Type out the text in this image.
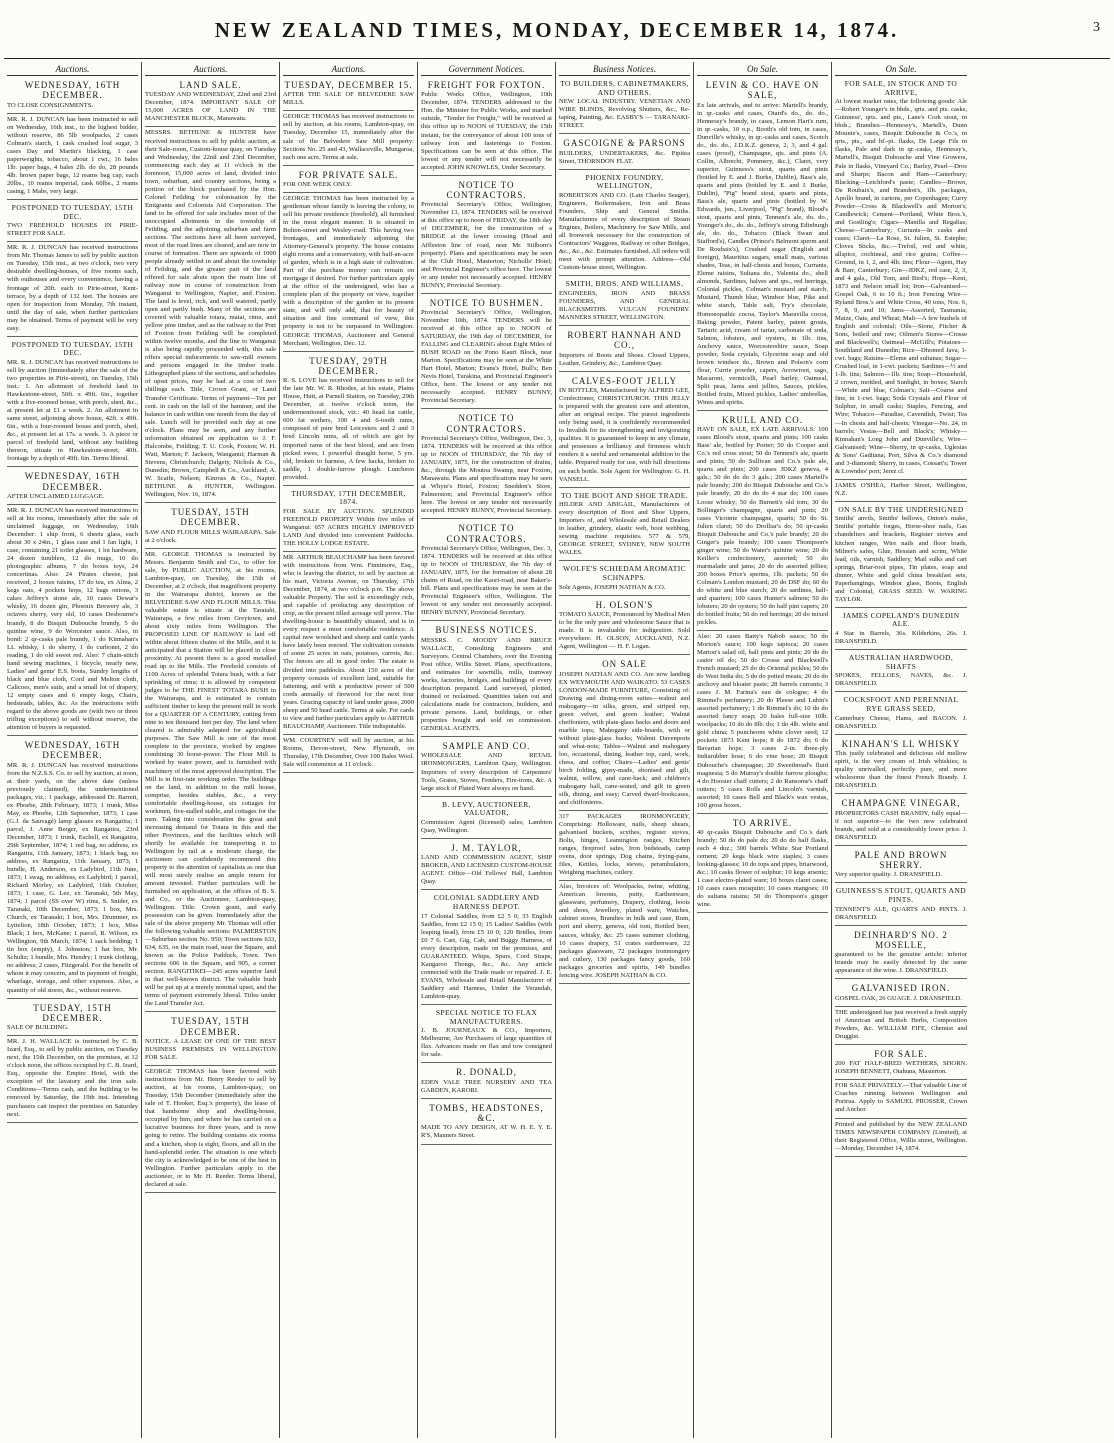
NEW ZEALAND TIMES, MONDAY, DECEMBER 14, 1874.	3
Auctions.
WEDNESDAY, 16TH DECEMBER.

TO CLOSE CONSIGNMENTS.

MR. R. J. DUNCAN has been instructed to sell on Wednesday, 16th inst., to the highest bidder, without reserve, 86 5lb woolpacks, 2 cases Colman's starch, 1 cask crushed loaf sugar, 3 cases Day and Martin's blacking, 1 case paperweights, tobacco, about 1 cwt., 16 bales 1lb. paper bags, 4 bales 2lb. do do, 28 pounds 4lb. brown paper bags, 12 reams bag cap, each 20lbs., 10 reams imperial, cask 60lbs., 2 reams casing, 1 Mabs, very large.

POSTPONED TO TUESDAY, 15TH DEC.

TWO FREEHOLD HOUSES IN PIRIE-STREET FOR SALE.

MR. R. J. DUNCAN has received instructions from Mr. Thomas James to sell by public auction on Tuesday, 15th inst., at two o'clock, two very desirable dwelling-houses, of five rooms each, with outhouses and every convenience, having a frontage of 20ft. each to Pirie-street, Kent-terrace, by a depth of 132 feet. The houses are open for inspection from Monday, 7th instant, until the day of sale, when further particulars may be obtained. Terms of payment will be very easy.

POSTPONED TO TUESDAY, 15TH DEC.

MR. R. J. DUNCAN has received instructions to sell by auction (immediately after the sale of the two properties in Pirie-street), on Tuesday, 15th inst.: 1. An allotment of freehold land in Hawkestone-street, 50ft. x 49ft. 6in., together with a five-roomed house, with porch, shed, &c., at present let at £1 a week. 2. An allotment in same street, adjoining above house, 42ft. x 49ft. 6in., with a four-roomed house and porch, shed, &c., at present let at 17s. a week. 3. A piece or parcel of freehold land, without any building thereon, situate in Hawkestone-street, 40ft. frontage by a depth of 49ft. 6in. Terms liberal.

WEDNESDAY, 16TH DECEMBER.

AFTER UNCLAIMED LUGGAGE.

MR. R. J. DUNCAN has received instructions to sell at his rooms, immediately after the sale of unclaimed luggage, on Wednesday, 16th December: 1 ship front, 6 sheets glass, each about 30 x 24in., 1 glass case and 1 fan light, 1 case, containing 21 toilet glasses, 1 lot hardware, 24 dozen tumblers, 12 do mugs, 10 do photographic albums, 7 do boxes toys, 24 concertinas. Also: 24 Pirates cheese, just received, 2 boxes raisins, 17 do tea, ex Alma, 2 kegs oats, 4 pockets hops, 12 bags onions, 3 cakes Jeffrey's stone ale, 10 cases Dewar's whisky, 16 dozen gin, Phoenix Brewery ale, 3 octaves sherry, very old, 10 cases Desbourne's brandy, 8 do Bisquit Dubouche brandy, 5 do quinine wine, 9 do Worcester sauce. Also, in bond: 2 qr-casks pale brandy, 1 do Kinnahan's LL whisky, 1 do sherry, 1 do curbonet, 2 do reading, 1 do old sweet red. Also: 7 chain-stitch hand sewing machines, 1 bicycle, nearly new, Ladies' and gents' E.S. boots, Sundry lengths of black and blue cloth, Cord and Melton cloth, Calicoes, men's suits, and a small lot of drapery, 12 empty cases and 6 empty kegs, Chairs, bedsteads, tables, &c. As the instructions with regard to the above goods are (with two or three trifling exceptions) to sell without reserve, the attention of buyers is requested.

WEDNESDAY, 16TH DECEMBER.

MR. R. J. DUNCAN has received instructions from the N.Z.S.S. Co. to sell by auction, at noon, at their yards, on the above date (unless previously claimed), the undermentioned packages, viz.: 1 package, addressed Dr. Barrett, ex Phoebe, 28th February, 1873; 1 trunk, Miss May, ex Phoebe, 12th September, 1873; 1 case (G.J. da Sauvagé) lamp glasses ex Rangatira; 1 parcel, J. Anne Berger, ex Rangatira, 23rd December, 1873; 1 trunk, Eschell, ex Rangatira, 29th September, 1874; 1 red bag, no address, ex Rangatira, 11th January, 1873; 1 black bag, no address, ex Rangatira, 11th January, 1873; 1 bundle, H. Anderson, ex Ladybird, 11th June, 1873; 1 swag, no address, ex Ladybird; 1 parcel, Richard Morley, ex Ladybird, 16th October, 1873; 1 case, G. Lee, ex Taranaki, 5th May, 1874; 1 parcel (SS over W) rims, S. Snider, ex Taranaki, 10th December, 1873; 1 box, Mrs. Church, ex Taranaki; 1 box, Mrs. Drummer, ex Lyttelton, 18th October, 1873; 1 box, Miss Black; 1 box, McKane; 1 parcel, R. Wilson, ex Wellington, 9th March, 1874; 1 sack bedding; 1 tin box (empty), J. Johnston; 1 hat box, Mr. Schultz; 1 bundle, Mrs. Hendry; 1 trunk clothing, no address; 2 cases, Fitzgerald. For the benefit of whom it may concern, and in payment of freight, wharfage, storage, and other expenses. Also, a quantity of old stores, &c., without reserve.

TUESDAY, 15TH DECEMBER.

SALE OF BUILDING.

MR. J. H. WALLACE is instructed by C. B. Izard, Esq., to sell by public auction, on Tuesday next, the 15th December, on the premises, at 12 o'clock noon, the offices occupied by C. B. Izard, Esq., opposite the Empire Hotel, with the exception of the lavatory and the iron safe. Conditions—Terms cash, and the building to be removed by Saturday, the 19th inst. Intending purchasers can inspect the premises on Saturday next.

Auctions.
LAND SALE.

TUESDAY AND WEDNESDAY, 22nd and 23rd December, 1874. IMPORTANT SALE OF 15,000 ACRES OF LAND IN THE MANCHESTER BLOCK, Manawatu.

MESSRS. BETHUNE & HUNTER have received instructions to sell by public auction, at their Sale-room, Custom-house quay, on Tuesday and Wednesday, the 22nd and 23rd December, commencing each day at 11 o'clock in the forenoon, 15,000 acres of land, divided into town, suburban, and country sections, being a portion of the block purchased by the Hon. Colonel Feilding for colonisation by the Emigrants and Colonists Aid Corporation. The land to be offered for sale includes most of the unoccupied allotments in the township of Feilding, and the adjoining suburban and farm sections. The sections have all been surveyed, most of the road lines are cleared, and are now in course of formation. There are upwards of 1000 people already settled in and about the township of Feilding, and the greater part of the land offered for sale abuts upon the main line of railway now in course of construction from Wanganui to Wellington, Napier, and Foxton. The land is level, rich, and well watered, partly open and partly bush. Many of the sections are covered with valuable totara, matai, rimu, and yellow pine timber, and as the railway to the Port of Foxton from Feilding will be completed within twelve months, and the line to Wanganui is also being rapidly proceeded with, this sale offers special inducements to saw-mill owners and persons engaged in the timber trade. Lithographed plans of the sections, and schedules of upset prices, may be had at a cost of two shillings each. Title, Crown Grant, or Land Transfer Certificate. Terms of payment—Ten per cent. in cash on the fall of the hammer, and the balance in cash within one month from the day of sale. Lunch will be provided each day at one o'clock. Plans may be seen, and any further information obtained on application to J. F. Halcombe, Feilding; T. U. Cook, Foxton; W. H. Watt, Marton; F. Jackson, Wanganui; Harman & Stevens, Christchurch; Dalgety, Nichols & Co., Dunedin; Brown, Campbell & Co., Auckland; A. W. Scaife, Nelson; Kinross & Co., Napier. BETHUNE & HUNTER, Wellington. Wellington, Nov. 16, 1874.

TUESDAY, 15TH DECEMBER.

SAW AND FLOUR MILLS WAIRARAPA. Sale at 2 o'clock.

MR. GEORGE THOMAS is instructed by Messrs. Benjamin Smith and Co., to offer for sale, by PUBLIC AUCTION, at his rooms, Lambton-quay, on Tuesday, the 15th of December, at 2 o'clock, that magnificent property in the Wairarapa district, known as the BELVEDERE SAW AND FLOUR MILLS. This valuable estate is situate at the Taratahi, Wairarapa, a few miles from Greytown, and about sixty miles from Wellington. The PROPOSED LINE OF RAILWAY is laid off within about fifteen chains of the Mills, and it is anticipated that a Station will be placed in close proximity. At present there is a good metalled road up to the Mills. The Freehold consists of 1100 Acres of splendid Totara bush, with a fair sprinkling of rimu; it is allowed by competent judges to be THE FINEST TOTARA BUSH in the Wairarapa, and is estimated to contain sufficient timber to keep the present mill in work for a QUARTER OF A CENTURY, cutting from nine to ten thousand feet per day. The land when cleared is admirably adapted for agricultural purposes. The Saw Mill is one of the most complete in the province, worked by engines combining 30 horse-power. The Flour Mill is worked by water power, and is furnished with machinery of the most approved description. The Mill is in first-rate working order. The buildings on the land, in addition to the mill house, comprise, besides stables, &c., a very comfortable dwelling-house, six cottages for workmen, five-stalled stable, and cottages for the men. Taking into consideration the great and increasing demand for Totara in this and the other Provinces, and the facilities which will shortly be available for transporting it to Wellington by rail at a moderate charge, the auctioneer can confidently recommend this property to the attention of capitalists as one that will most surely realise an ample return for amount invested. Further particulars will be furnished on application, at the offices of B. S. and Co., or the Auctioneer, Lambton-quay, Wellington. Title: Crown grant, and early possession can be given. Immediately after the sale of the above property Mr. Thomas will offer the following valuable sections: PALMERSTON—Suburban section No. 950; Town sections 633, 634, 635, on the main road, near the Square, and known as the Police Paddock, Town. Two sections 606 in the Square, and 905, a corner section. RANGITIKEI—245 acres superior land in that well-known district. The valuable bush will be put up at a merely nominal upset, and the terms of payment extremely liberal. Titles under the Land Transfer Act.

TUESDAY, 15TH DECEMBER.

NOTICE. A LEASE OF ONE OF THE BEST BUSINESS PREMISES IN WELLINGTON FOR SALE.

GEORGE THOMAS has been favored with instructions from Mr. Henry Reeder to sell by auction, at his rooms, Lambton-quay, on Tuesday, 15th December (immediately after the sale of T. Hooker, Esq.'s property), the lease of that handsome shop and dwelling-house, occupied by him, and where he has carried on a lucrative business for three years, and is now going to retire. The building contains six rooms and a kitchen, shop is eight, floors, and all in the hand-splendid order. The situation is one which the city is acknowledged to be one of the best in Wellington. Further particulars apply to the auctioneer, or to Mr. H. Reeder. Terms liberal, declared at sale.

Auctions.
TUESDAY, DECEMBER 15.

AFTER THE SALE OF BELVEDERE SAW MILLS.

GEORGE THOMAS has received instructions to sell by auction, at his rooms, Lambton-quay, on Tuesday, December 15, immediately after the sale of the Belvedere Saw Mill property: Sections No. 25 and 43, Wallaceville, Mungaroa, each one acre. Terms at sale.

FOR PRIVATE SALE.

FOR ONE WEEK ONLY.

GEORGE THOMAS has been instructed by a gentleman whose family is leaving the colony, to sell his private residence (freehold), all furnished in the most elegant manner. It is situated in Bolton-street and Wesley-road. This having two frontages, and immediately adjoining the Attorney-General's property. The house contains eight rooms and a conservatory, with half-an-acre of garden, which is in a high state of cultivation. Part of the purchase money can remain on mortgage if desired. For further particulars apply at the office of the undersigned, who has a complete plan of the property on view, together with a description of the garden in its present state, and will only add, that for beauty of situation and fine command of view, this property is not to be surpassed in Wellington. GEORGE THOMAS, Auctioneer and General Merchant, Wellington, Dec. 12.

TUESDAY, 29TH DECEMBER.

R. S. LOVE has received instructions to sell for the late Mr. W. R. Rhodes, at his estate, Plains House, Hutt, at Parnell Station, on Tuesday, 29th December, at twelve o'clock noon, the undermentioned stock, viz.: 40 head fat cattle, 600 fat wethers, 100 4 and 6-tooth rams, composed of pure bred Leicesters and 2 and 3 bred Lincoln rams, all of which are got by imported rams of the best blood, and are from picked ewes, 1 powerful draught horse, 5 yrs. old, broken to harness, A few hacks, broken to saddle, 1 double-furrow plough. Luncheon provided.

THURSDAY, 17TH DECEMBER, 1874.

FOR SALE BY AUCTION. SPLENDID FREEHOLD PROPERTY Within five miles of Wanganui. 657 ACRES HIGHLY IMPROVED LAND And divided into convenient Paddocks. THE HOLLY LODGE ESTATE.

MR. ARTHUR BEAUCHAMP has been favored with instructions from Wm. Finnimore, Esq., who is leaving the district, to sell by auction at his mart, Victoria Avenue, on Thursday, 17th December, 1874, at two o'clock p.m. The above valuable Property. The soil is exceedingly rich, and capable of producing any description of crop, as the present tilled acreage will prove. The dwelling-house is beautifully situated, and is in every respect a most comfortable residence. A capital new woolshed and sheep and cattle yards have lately been erected. The cultivation consists of some 25 acres in oats, potatoes, carrots, &c. The fences are all in good order. The estate is divided into paddocks. About 150 acres of the property consists of excellent land, suitable for fattening, and with a productive power of 500 cords annually of firewood for the next four years. Grazing capacity of land under grass, 2000 sheep and 50 head cattle. Terms at sale. For cards to view and further particulars apply to ARTHUR BEAUCHAMP, Auctioneer. Title indisputable.

WM. COURTNEY will sell by auction, at his Rooms, Devon-street, New Plymouth, on Thursday, 17th December, Over 100 Bales Wool. Sale will commence at 11 o'clock.

Government Notices.
FREIGHT FOR FOXTON.

Public Works Office, Wellington, 10th December, 1874. TENDERS addressed to the Hon. the Minister for Public Works, and marked outside, "Tender for Freight," will be received at this office up to NOON of TUESDAY, the 15th instant, for the conveyance of about 100 tons of railway iron and fastenings to Foxton. Specifications can be seen at this office. The lowest or any tender will not necessarily be accepted. JOHN KNOWLES, Under Secretary.

NOTICE TO CONTRACTORS.

Provincial Secretary's Office, Wellington, November 13, 1874. TENDERS will be received at this office up to noon of FRIDAY, the 18th day of DECEMBER, for the construction of a BRIDGE at the lower crossing (Head and Affleston line of road, near Mr. Stilborn's property). Plans and specifications may be seen at the Club Hotel, Masterton; Nicholls' Hotel; and Provincial Engineer's office here. The lowest or any tender not necessarily accepted. HENRY BUNNY, Provincial Secretary.

NOTICE TO BUSHMEN.

Provincial Secretary's Office, Wellington, November 10th, 1874. TENDERS will be received at this office up to NOON of SATURDAY, the 19th day of DECEMBER, for FALLING and CLEARING about Eight Miles of BUSH ROAD on the Pono Kauri Block, near Marton. Specifications may be seen at the White Hart Hotel, Marton; Evans's Hotel, Bull's; Ben Nevis Hotel, Turakina, and Provincial Engineer's Office, here. The lowest or any tender not necessarily accepted. HENRY BUNNY, Provincial Secretary.

NOTICE TO CONTRACTORS.

Provincial Secretary's Office, Wellington, Dec. 3, 1874. TENDERS will be received at this office up to NOON of THURSDAY, the 7th day of JANUARY, 1875, for the construction of drains, &c., through the Moutoa Swamp, near Foxton, Manawatu. Plans and specifications may be seen at Whyte's Hotel, Foxton; Sneddon's Store, Palmerston; and Provincial Engineer's office here. The lowest or any tender not necessarily accepted. HENRY BUNNY, Provincial Secretary.

NOTICE TO CONTRACTORS.

Provincial Secretary's Office, Wellington, Dec. 3, 1874. TENDERS will be received at this office up to NOON of THURSDAY, the 7th day of JANUARY, 1875, for the formation of about 28 chains of Road, on the Kaori-road, near Baker's-hill. Plans and specifications may be seen at the Provincial Engineer's office, Wellington. The lowest or any tender not necessarily accepted. HENRY BUNNY, Provincial Secretary.

BUSINESS NOTICES.

MESSRS. C. MOODY AND BRUCE WALLACE, Consulting Engineers and Surveyors. Central Chambers, over the Evening Post office, Willis Street. Plans, specifications, and estimates for sawmills, mills, tramway works, factories, bridges, and buildings of every description prepared. Land surveyed, plotted, drained or reclaimed. Quantities taken out and calculations made for contractors, builders, and private persons. Land, buildings, or other properties bought and sold on commission. GENERAL AGENTS.

SAMPLE AND CO.

WHOLESALE AND RETAIL IRONMONGERS, Lambton Quay, Wellington. Importers of every description of Carpenters' Tools, Grates, Stoves, Fenders, Fire-irons, &c. A large stock of Plated Ware always on hand.

B. LEVY, AUCTIONEER, VALUATOR,

Commission Agent (licensed) sales; Lambton Quay, Wellington.

J. M. TAYLOR,

LAND AND COMMISSION AGENT, SHIP BROKER, AND LICENSED CUSTOM-HOUSE AGENT. Office—Old Fellows' Hall, Lambton Quay.

COLONIAL SADDLERY AND HARNESS DEPOT.

17 Colonial Saddles, from £2 5 0; 33 English Saddles, from £2 15 0; 15 Ladies' Saddles (with leaping head), from £5 10 0; 120 Bridles, from £0 7 6. Cart, Gig, Cab, and Buggy Harness, of every description, made on the premises, and GUARANTEED. Whips, Spurs, Cord Straps, Kangaroo Thongs, &c., &c. Any article connected with the Trade made or repaired. J. E. EVANS, Wholesale and Retail Manufacturer of Saddlery and Harness, Under the Verandah, Lambton-quay.

SPECIAL NOTICE TO FLAX MANUFACTURERS.

J. B. JOURNEAUX & CO., Importers, Melbourne, Are Purchasers of large quantities of flax. Advances made on flax and tow consigned for sale.

R. DONALD,

EDEN VALE TREE NURSERY AND TEA GARDEN, KARORI.

TOMBS, HEADSTONES, &C.

MADE TO ANY DESIGN, AT W. H. E. Y. E. R'S, Manners Street.

Business Notices.
TO BUILDERS, CABINETMAKERS, AND OTHERS.

NEW LOCAL INDUSTRY. VENETIAN AND WIRE BLINDS, Revolving Shutters, &c., Re-taping, Painting, &c. EASBY'S — TARANAKI-STREET.

GASCOIGNE & PARSONS

BUILDERS, UNDERTAKERS, &c. Pipitea Street, THORNDON FLAT.

PHOENIX FOUNDRY, WELLINGTON,

ROBERTSON AND CO. (Late Charles Seager), Engineers, Boilermakers, Iron and Brass Founders, Ship and General Smiths. Manufacturers of every description of Steam Engines, Boilers, Machinery for Saw Mills, and all Ironwork necessary for the construction of Contractors' Waggons, Railway or other Bridges, &c., &c., &c. Estimates furnished. All orders will meet with prompt attention. Address—Old Custom-house street, Wellington.

SMITH, BROS. AND WILLIAMS,

ENGINEERS, IRON AND BRASS FOUNDERS, AND GENERAL BLACKSMITHS. VULCAN FOUNDRY. MANNERS STREET, WELLINGTON.

ROBERT HANNAH AND CO.,

Importers of Boots and Shoes. Closed Uppers, Leather, Grindery, &c., Lambton Quay.

CALVES-FOOT JELLY

IN BOTTLES, Manufactured by ALFRED GEE, Confectioner, CHRISTCHURCH. THIS JELLY is prepared with the greatest care and attention, after an original recipe. The purest ingredients only being used, it is confidently recommended to Invalids for its strengthening and invigorating qualities. It is guaranteed to keep in any climate, and possesses a brilliancy and firmness which renders it a useful and ornamental addition to the table. Prepared ready for use, with full directions on each bottle. Sole Agent for Wellington: G. H. VANSELL.

TO THE BOOT AND SHOE TRADE.

HILDER AND ABIGAIL, Manufacturers of every description of Boot and Shoe Uppers, Importers of, and Wholesale and Retail Dealers in leather, grindery, elastic web, boot webbing, sewing machine requisites. 577 & 579, GEORGE STREET, SYDNEY, NEW SOUTH WALES.

WOLFE'S SCHIEDAM AROMATIC SCHNAPPS.

Sole Agents, JOSEPH NATHAN & CO.

H. OLSON'S

TOMATO SAUCE, Pronounced by Medical Men to be the only pure and wholesome Sauce that is made. It is invaluable for indigestion. Sold everywhere. H. OLSON, AUCKLAND, N.Z. Agent, Wellington — H. F. Logan.

ON SALE

JOSEPH NATHAN AND CO. Are now landing EX WEYMOUTH AND WAIKATO. 53 CASES LONDON-MADE FURNITURE, Consisting of: Drawing and dining-room suites—walnut and mahogany—in silks, green, and striped rep, green velvet, and green leather; Walnut cheffoniers, with plate-glass backs and doors and marble tops; Mahogany side-boards, with or without plate-glass backs; Walnut Davenports and what-nots; Tables—Walnut and mahogany loo, occasional, dining, leather top, card, work, chess, and coffee; Chairs—Ladies' and gents' birch folding, gipsy-made, ebonised and gilt, walnut, willow, and cane-back; and children's mahogany hall, cane-seated, and gilt in green silk, dining, and easy; Carved dwarf-bookcases, and chiffonieres.

317 PACKAGES IRONMONGERY, Comprising: Holloware, nails, sheep shears, galvanised buckets, scythes, register stoves, Bolts, hinges, Leamington ranges, Kitchen ranges, fireproof safes, Iron bedsteads, camp ovens, door springs, Dog chains, frying-pans, files, Kettles, locks, sieves, perambulators, Weighing machines, cutlery.

Also, Invoices of: Woolpacks, twine, whiting, American brooms, putty, Earthenware, glassware, perfumery, Drapery, clothing, boots and shoes, Jewellery, plated ware, Watches, cabinet stores, Brandies in bulk and case, Rum, port and sherry, geneva, old tom, Bottled beer, sauces, whisky, &c. 25 cases summer clothing, 10 cases drapery, 51 crates earthenware, 22 packages glassware, 72 packages ironmongery and cutlery, 130 packages fancy goods, 160 packages groceries and spirits, 149 bundles fencing wire. JOSEPH NATHAN & CO.

On Sale.
LEVIN & CO. HAVE ON SALE,

Ex late arrivals, and to arrive: Martell's brandy, in qr.-casks and cases, Otard's do., do. do., Hennessy's brandy, in cases, Lemon Hart's rum, in qr.-casks, 10 o.p., Booth's old tom, in cases, Dunville's whisky, in qr.-casks and cases, Scotch do., do. do., J.D.K.Z. geneva, 2, 3, and 4 gal. cases (proof), Champagne, qts. and pints (A. Collin, Albrecht, Pommery, &c.), Claret, very superior, Guinness's stout, quarts and pints (bottled by E. and J. Burke, Dublin), Bass's ale, quarts and pints (bottled by E. and J. Burke, Dublin), "Pig" brand stout, quarts and pints, Bass's ale, quarts and pints (bottled by W. Edwards, jun., Liverpool, "Pig" brand), Blood's stout, quarts and pints, Tennent's ale, do. do., Younger's do., do. do., Jeffrey's strong Edinburgh ale, do. do., Tobacco (Black Swan and Stafford's), Candles (Prince's Belmont sperm and De Roubaix's), Crushed sugar (English and foreign), Mauritius sugars, small mats, various shades, Teas, in half-chests and boxes, Currants, Eleme raisins, Sultana do., Valentia do., shell almonds, Sardines, halves and qrs., red herrings, Colonial pickles, Colman's mustard and starch, Mustard, Thumb blue, Windsor blue, Pike and white starch, Table salt, Fry's chocolate, Homoeopathic cocoa, Taylor's Maravilla cocoa, Baking powder, Patent barley, patent groats, Tartaric acid, cream of tartar, carbonate of soda, Salmon, lobsters, and oysters, in 1lb. tins, Anchovy sauce, Worcestershire sauce, Soap powder, Soda crystals, Glycerine soap and old brown windsor do., Brown and Polson's corn flour, Currie powder, capers, Arrowroot, sago, Macaroni, vermicelli, Pearl barley, Oatmeal, Split peas, Jams and jellies, Sauces, pickles, Bottled fruits, Mixed pickles, Ladies' umbrellas, Wines and spirits.

KRULL AND CO.

HAVE ON SALE, EX LATE ARRIVALS: 100 cases Blood's stout, quarts and pints; 100 casks Bass' ale, bottled by Porter; 50 do Cooper and Co.'s red cross stout; 50 do Tennent's ale, quarts and pints; 50 do Sullivan and Co.'s pale ale, quarts and pints; 200 cases JDKZ geneva, 4 gals.; 50 do do do 3 gals.; 200 cases Martell's pale brandy; 200 do Bisquit Dubouche and Co.'s pale brandy; 20 do do do 4 star do; 100 cases Loose whisky; 50 do Burnett's old tom; 30 do Bollinger's champagne, quarts and pints; 20 cases Vicomte champagne, quarts; 50 do St. Julien claret; 50 do Drolliar's do; 50 qr-casks Bisquit Dubouche and Co.'s pale brandy; 20 do Ginger's pale brandy; 100 cases Thompson's ginger wine; 50 do Water's quinine wine; 20 do Keiller's confectionery, assorted; 50 do marmalade and jams; 20 do do assorted jellies; 200 boxes Price's sperms, 1lb. packets; 50 do Colman's London mustard; 20 do DSF do; 60 do do white and blue starch; 20 do sardines, half- and quarters; 100 cases Hunter's salmon; 50 do lobsters; 20 do oysters; 50 do half pint capers; 20 do bottled fruits; 50 do red herrings; 20 do mixed pickles.

Also: 20 cases Batty's Nabob sauce; 50 do Morton's sauce; 100 kegs tapioca; 20 cases Marton's salad oil, half pints and pints; 20 do do castor oil do; 50 do Crosse and Blackwell's French mustard; 25 do do Oriental pickles; 50 do do West India do; 5 do do potted meats; 20 do do anchovy and bloater paste; 28 barrels currants; 3 cases J. M. Farina's eau de cologne; 4 do Rimmel's perfumery; 20 do Pleese and Lubin's assorted perfumery; 1 do Rimmel's do; 10 do do assorted fancy soap; 20 bales full-size 10lb. woolpacks; 10 do do 8lb. do; 1 do 4lb. white and gold china; 5 puncheons white clover seed; 12 pockets 1873 Kent hops; 8 do 1872 do; 6 do Bavarian hops; 3 cases 2-in. three-ply Indiarubber hose; 6 do vine hose; 20 Bisquit Dubouche's champagne; 20 Sweetbread's fluid magnesia; 5 do Murray's double furrow ploughs; 4 do Hoosier chaff cutters; 2 do Ransome's chaff cutters; 5 cases Rolls and Lincoln's varnish, assorted; 10 cases Bell and Black's wax vestas, 100 gross boxes.

TO ARRIVE.

40 qr-casks Bisquit Dubouche and Co.'s dark brandy; 50 do do pale do; 20 do do half flasks, each 4 doz.; 300 barrels White Star Portland cement; 20 kegs black wire staples; 3 cases looking-glasses; 10 do tops and pipes, briarwood, &c.; 10 casks flower of sulphur; 10 kegs arsenic; 1 case electro-plated ware; 10 boxes claret cases; 10 cases cases mosquito; 10 cases mangoes; 10 do sultana raisins; 50 do Thompson's ginger wine.

On Sale.
FOR SALE, IN STOCK AND TO ARRIVE,

At lowest market rates, the following goods: Ale—Robert Younger's in bhds., qrts. and pts. casks, Guinness', qrts. and pts., Lane's Cork stout, in bhds.; Brandies—Hennessy's, Martell's, Dunn Mounie's, cases, Bisquit Dubouche & Co.'s, in qrts., pts., and hf.-pt. flasks, De Large Fils in flasks, Pale and dark in qr.-casks, Hennessy's, Martell's, Bisquit Dubouche and Vine Growers, Pale in flasks, Vineyard Co.; Barley, Pearl—Dros and Sharps; Bacon and Ham—Canterbury; Blacking—Letchford's paste; Candles—Brown, De Roubaix's, and Brandon's, 1lb. packages, Apollo brand, in cartons, per Copenhagen; Curry Powder—Cross & Blackwell's and Morton's; Candlewick; Cement—Portland, White Bros.'s, and Gostling's; Cigars—Manilla and Regalias; Cheese—Canterbury; Currants—In casks and cases; Claret—La Rose, St. Julien, St. Estephe; Cloves Sticks, &c.—Trefoil, red and white, allspice, cochineal, and rice grains; Coffee—Ground, in 1, 2, and 4lb. tins; Flour—Agent, Hay & Barr, Canterbury; Gin—JDKZ, red case, 2, 3, and 4 gals., Old Tom, and Bird's; Hops—Kent, 1873 and Nelson small lot; Iron—Galvanised—Gospel Oak, 6 to 10 ft.; Iron Fencing Wire—Ryland Bros.'s and White Cross, 40 tons, Nos. 6, 7, 8, 9, and 10; Jams—Assorted, Tasmania; Maize, Oats, and Wheat; Malt—A few bushels of English and colonial; Oils—Stone, Fitcher & Sons, boiled and raw; Oilmen's Stores—Crosse and Blackwell's; Oatmeal—McGill's; Potatoes—Southland and Dunedin; Rice—Dhomed Java, 1-cwt. bags; Raisins—Eleme and sultanas; Sugar—Crushed loaf, in 1-cwt. packets; Sardines—½ and 1-lb. tins; Salmon—1lb. tins; Soap—Household, 2 crown, mottled, and Sunlight, in boxes; Starch—White and blue, Colman's; Salt—Coarse and fine, in 1-cwt. bags; Soda Crystals and Flour of Sulphur, in small casks; Staples, Fencing, and Wire; Tobacco—Paradise, Cavendish, Twist; Tea—In chests and half-chests; Vinegar—No. 24, in barrels; Vestas—Bell and Black's; Whisky—Kinnahan's Long John and Dunville's; Wire—Galvanised; Wine—Sherry, in qr-casks, Uglesias & Sons' Gaditana; Port, Silva & Co.'s diamond and 3-diamond; Sherry, in cases, Cossart's; Tower & Lowndes' port; Jerez cl.

JAMES O'SHEA, Harbor Street, Wellington, N.Z.

ON SALE BY THE UNDERSIGNED

Smiths' anvils, Smiths' bellows, Onion's make, Smiths' portable forges, Horse-shoe nails, Gas chandeliers and brackets, Register stoves and kitchen ranges, Wire nails and floor brads, Milner's safes, Glue, Hessian and scrim, White lead, oils, varnish, Saddlery, Mail sulks and cart springs, Briar-root pipes, Tin plates, soap and dinner, White and gold china breakfast sets, Paperhangings, Windsor glass, Boots, English and Colonial, GRASS SEED. W. WARING TAYLOR.

JAMES COPELAND'S DUNEDIN ALE.

4 Star in Barrels, 36s. Kilderkins, 26s. J. DRANSFIELD.

AUSTRALIAN HARDWOOD, SHAFTS

SPOKES, FELLOES, NAVES, &c. J. DRANSFIELD.

COCKSFOOT AND PERENNIAL RYE GRASS SEED,

Canterbury Cheese, Hams, and BACON. J. DRANSFIELD.

KINAHAN'S LL WHISKY

This justly celebrated and delicious old mellow spirit, is the very cream of Irish whiskies; is quality unrivalled, perfectly pure, and more wholesome than the finest French Brandy. J. DRANSFIELD.

CHAMPAGNE VINEGAR,

PROPRIETORS CASH BRANDY, fully equal—if not superior—to the two new celebrated brands, and sold at a considerably lower price. J. DRANSFIELD.

PALE AND BROWN SHERRY.

Very superior quality. J. DRANSFIELD.

GUINNESS'S STOUT, QUARTS AND PINTS.

TENNENT'S ALE, QUARTS AND PINTS. J. DRANSFIELD.

DEINHARD'S NO. 2 MOSELLE,

guaranteed to be the genuine article; inferior brands may be easily detected by the same appearance of the wine. J. DRANSFIELD.

GALVANISED IRON.

GOSPEL OAK, 26 GUAGE. J. DRANSFIELD.

THE undersigned has just received a fresh supply of American and British Herbs, Composition Powders, &c. WILLIAM FIFE, Chemist and Druggist.

FOR SALE.

200 FAT HALF-BRED WETHERS, SHORN. JOSEPH BENNETT, Otahuna, Masterton.

FOR SALE PRIVATELY.—That valuable Line of Coaches running between Wellington and Porirua. Apply to SAMUEL PROSSER, Crown and Anchor.

Printed and published by the NEW ZEALAND TIMES NEWSPAPER COMPANY (Limited), at their Registered Office, Willis street, Wellington.—Monday, December 14, 1874.
